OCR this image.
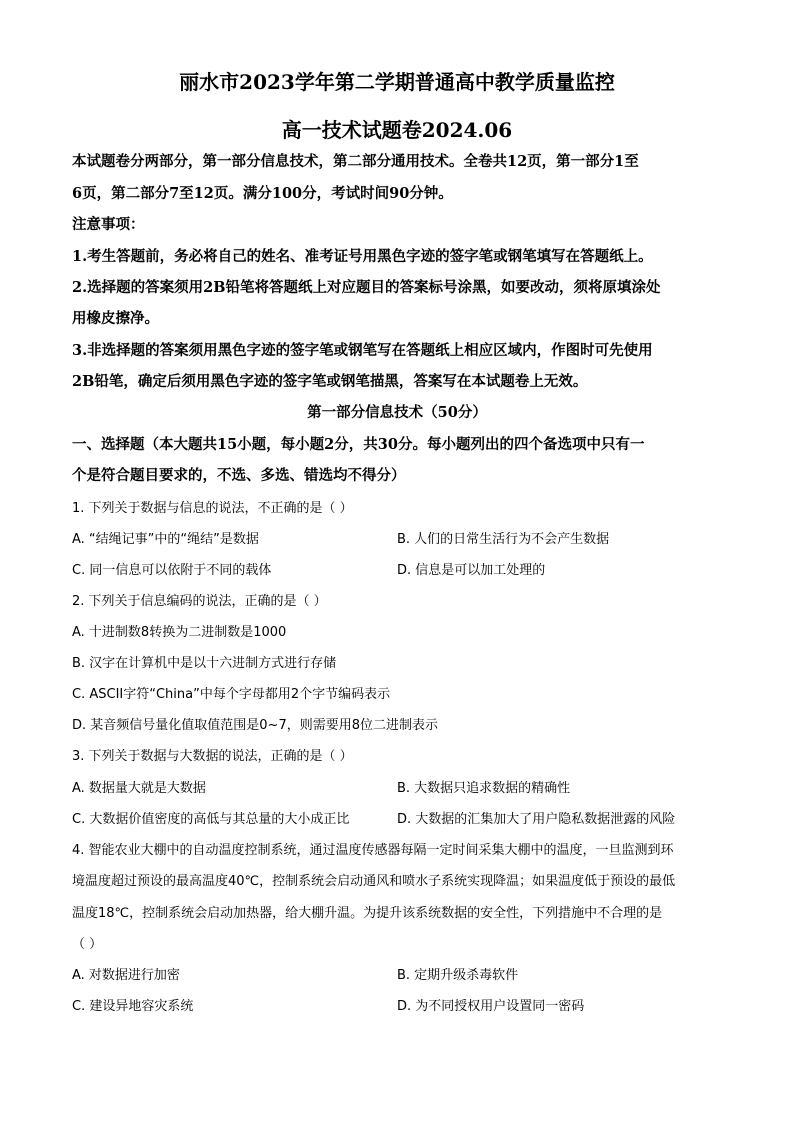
丽水市2023学年第二学期普通高中教学质量监控
高一技术试题卷2024.06
本试题卷分两部分，第一部分信息技术，第二部分通用技术。全卷共12页，第一部分1至
6页，第二部分7至12页。满分100分，考试时间90分钟。
注意事项：
1.考生答题前，务必将自己的姓名、准考证号用黑色字迹的签字笔或钢笔填写在答题纸上。
2.选择题的答案须用2B铅笔将答题纸上对应题目的答案标号涂黑，如要改动，须将原填涂处
用橡皮擦净。
3.非选择题的答案须用黑色字迹的签字笔或钢笔写在答题纸上相应区域内，作图时可先使用
2B铅笔，确定后须用黑色字迹的签字笔或钢笔描黑，答案写在本试题卷上无效。
第一部分信息技术（50分）
一、选择题（本大题共15小题，每小题2分，共30分。每小题列出的四个备选项中只有一
个是符合题目要求的，不选、多选、错选均不得分）
1. 下列关于数据与信息的说法，不正确的是（ ）
A. “结绳记事”中的“绳结”是数据	B. 人们的日常生活行为不会产生数据
C. 同一信息可以依附于不同的载体	D. 信息是可以加工处理的
2. 下列关于信息编码的说法，正确的是（ ）
A. 十进制数8转换为二进制数是1000
B. 汉字在计算机中是以十六进制方式进行存储
C. ASCII字符“China”中每个字母都用2个字节编码表示
D. 某音频信号量化值取值范围是0~7，则需要用8位二进制表示
3. 下列关于数据与大数据的说法，正确的是（ ）
A. 数据量大就是大数据	B. 大数据只追求数据的精确性
C. 大数据价值密度的高低与其总量的大小成正比	D. 大数据的汇集加大了用户隐私数据泄露的风险
4. 智能农业大棚中的自动温度控制系统，通过温度传感器每隔一定时间采集大棚中的温度，一旦监测到环
境温度超过预设的最高温度40℃，控制系统会启动通风和喷水子系统实现降温；如果温度低于预设的最低
温度18℃，控制系统会启动加热器，给大棚升温。为提升该系统数据的安全性，下列措施中不合理的是
（ ）
A. 对数据进行加密	B. 定期升级杀毒软件
C. 建设异地容灾系统	D. 为不同授权用户设置同一密码
